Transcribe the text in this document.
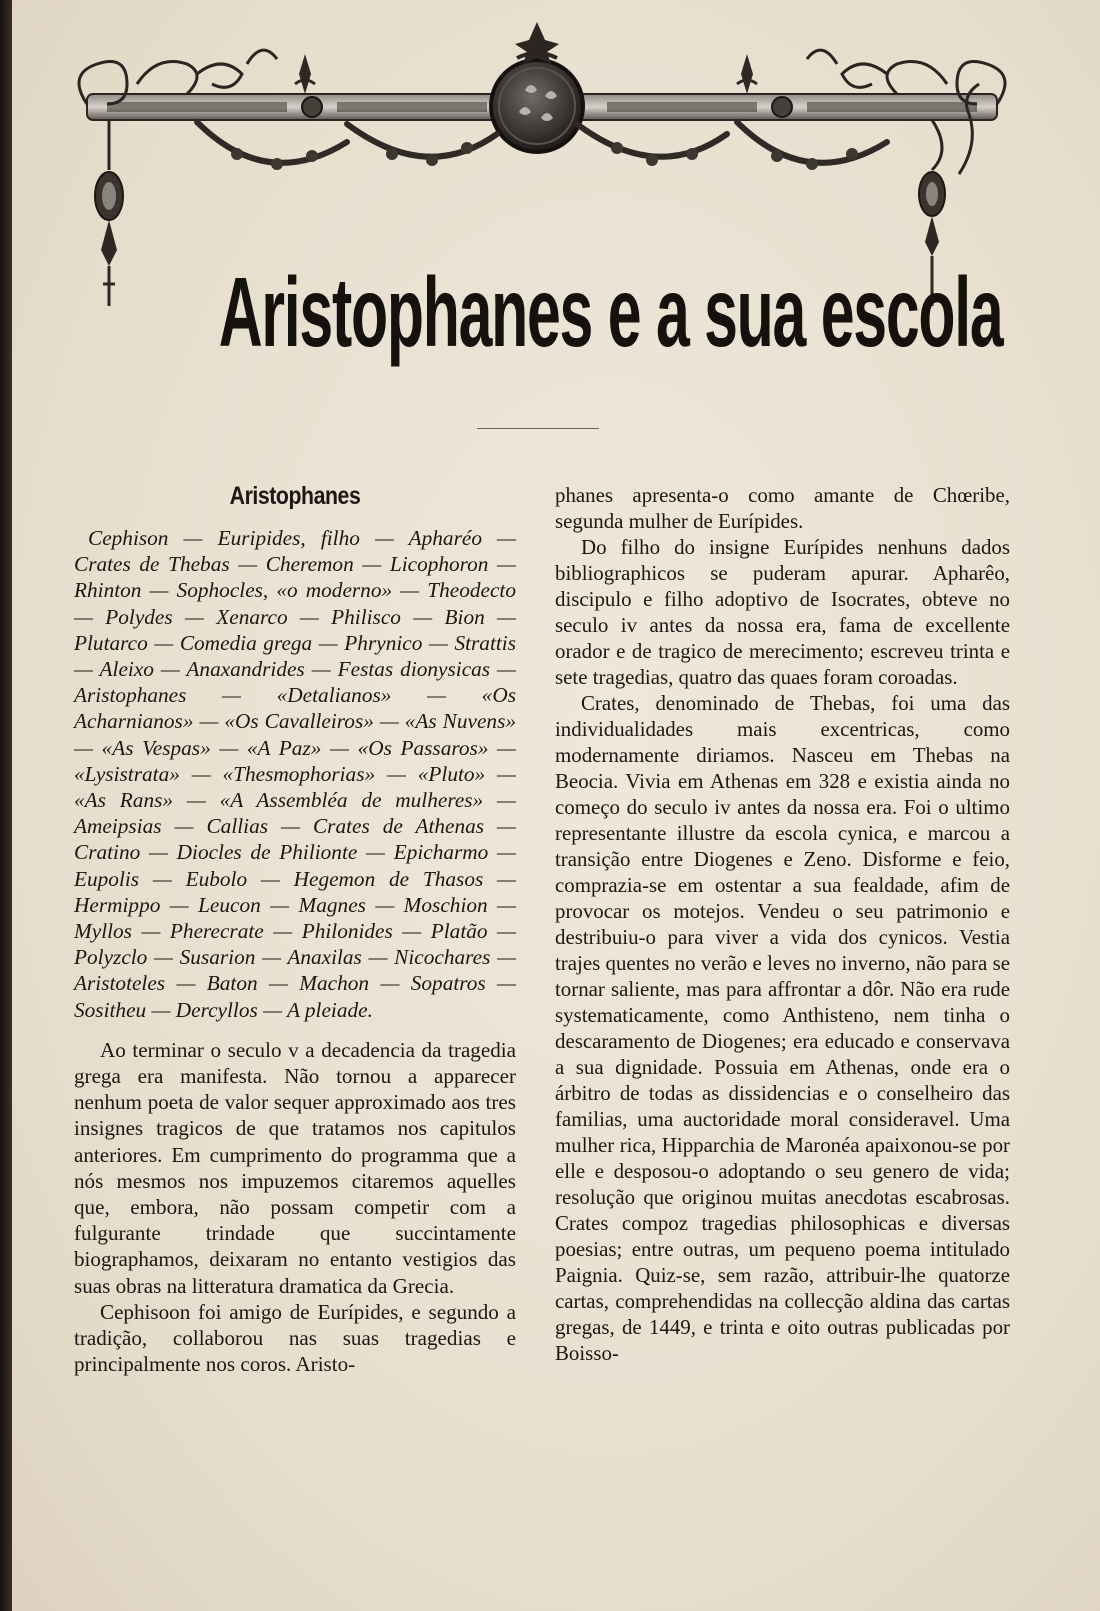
Aristophanes e a sua escola
Aristophanes

Cephison — Euripides, filho — Apharéo — Crates de Thebas — Cheremon — Licophoron — Rhinton — Sophocles, «o moderno» — Theodecto — Polydes — Xenarco — Philisco — Bion — Plutarco — Comedia grega — Phrynico — Strattis — Aleixo — Anaxandrides — Festas dionysicas — Aristophanes — «Detalianos» — «Os Acharnianos» — «Os Cavalleiros» — «As Nuvens» — «As Vespas» — «A Paz» — «Os Passaros» — «Lysistrata» — «Thesmophorias» — «Pluto» — «As Rans» — «A Assembléa de mulheres» — Ameipsias — Callias — Crates de Athenas — Cratino — Diocles de Philionte — Epicharmo — Eupolis — Eubolo — Hegemon de Thasos — Hermippo — Leucon — Magnes — Moschion — Myllos — Pherecrate — Philonides — Platão — Polyzclo — Susarion — Anaxilas — Nicochares — Aristoteles — Baton — Machon — Sopatros — Sositheu — Dercyllos — A pleiade.

Ao terminar o seculo v a decadencia da tragedia grega era manifesta. Não tornou a apparecer nenhum poeta de valor sequer approximado aos tres insignes tragicos de que tratamos nos capitulos anteriores. Em cumprimento do programma que a nós mesmos nos impuzemos citaremos aquelles que, embora, não possam competir com a fulgurante trindade que succintamente biographamos, deixaram no entanto vestigios das suas obras na litteratura dramatica da Grecia.

Cephisoon foi amigo de Eurípides, e segundo a tradição, collaborou nas suas tragedias e principalmente nos coros. Aristo-

phanes apresenta-o como amante de Chœribe, segunda mulher de Eurípides.

Do filho do insigne Eurípides nenhuns dados bibliographicos se puderam apurar. Apharêo, discipulo e filho adoptivo de Isocrates, obteve no seculo iv antes da nossa era, fama de excellente orador e de tragico de merecimento; escreveu trinta e sete tragedias, quatro das quaes foram coroadas.

Crates, denominado de Thebas, foi uma das individualidades mais excentricas, como modernamente diriamos. Nasceu em Thebas na Beocia. Vivia em Athenas em 328 e existia ainda no começo do seculo iv antes da nossa era. Foi o ultimo representante illustre da escola cynica, e marcou a transição entre Diogenes e Zeno. Disforme e feio, comprazia-se em ostentar a sua fealdade, afim de provocar os motejos. Vendeu o seu patrimonio e destribuiu-o para viver a vida dos cynicos. Vestia trajes quentes no verão e leves no inverno, não para se tornar saliente, mas para affrontar a dôr. Não era rude systematicamente, como Anthisteno, nem tinha o descaramento de Diogenes; era educado e conservava a sua dignidade. Possuia em Athenas, onde era o árbitro de todas as dissidencias e o conselheiro das familias, uma auctoridade moral consideravel. Uma mulher rica, Hipparchia de Maronéa apaixonou-se por elle e desposou-o adoptando o seu genero de vida; resolução que originou muitas anecdotas escabrosas. Crates compoz tragedias philosophicas e diversas poesias; entre outras, um pequeno poema intitulado Paignia. Quiz-se, sem razão, attribuir-lhe quatorze cartas, comprehendidas na collecção aldina das cartas gregas, de 1449, e trinta e oito outras publicadas por Boisso-
